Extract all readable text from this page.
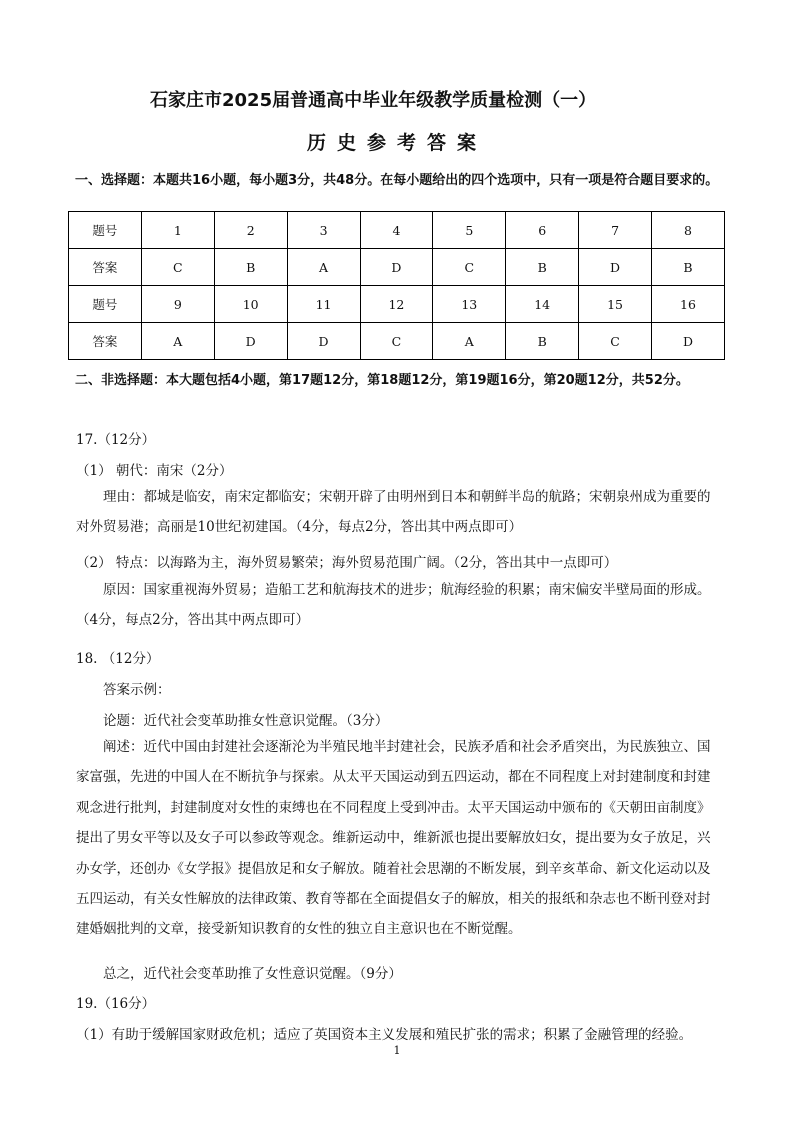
石家庄市2025届普通高中毕业年级教学质量检测（一）
历史参考答案
一、选择题：本题共16小题，每小题3分，共48分。在每小题给出的四个选项中，只有一项是符合题目要求的。
题号	1	2	3	4	5	6	7	8
答案	C	B	A	D	C	B	D	B
题号	9	10	11	12	13	14	15	16
答案	A	D	D	C	A	B	C	D
二、非选择题：本大题包括4小题，第17题12分，第18题12分，第19题16分，第20题12分，共52分。
17.（12分）
（1） 朝代：南宋（2分）
理由：都城是临安，南宋定都临安；宋朝开辟了由明州到日本和朝鲜半岛的航路；宋朝泉州成为重要的对外贸易港；高丽是10世纪初建国。（4分，每点2分，答出其中两点即可）
（2） 特点：以海路为主，海外贸易繁荣；海外贸易范围广阔。（2分，答出其中一点即可）
原因：国家重视海外贸易；造船工艺和航海技术的进步；航海经验的积累；南宋偏安半壁局面的形成。（4分，每点2分，答出其中两点即可）
18. （12分）
答案示例：
论题：近代社会变革助推女性意识觉醒。（3分）
阐述：近代中国由封建社会逐渐沦为半殖民地半封建社会，民族矛盾和社会矛盾突出，为民族独立、国家富强，先进的中国人在不断抗争与探索。从太平天国运动到五四运动，都在不同程度上对封建制度和封建观念进行批判，封建制度对女性的束缚也在不同程度上受到冲击。太平天国运动中颁布的《天朝田亩制度》提出了男女平等以及女子可以参政等观念。维新运动中，维新派也提出要解放妇女，提出要为女子放足，兴办女学，还创办《女学报》提倡放足和女子解放。随着社会思潮的不断发展，到辛亥革命、新文化运动以及五四运动，有关女性解放的法律政策、教育等都在全面提倡女子的解放，相关的报纸和杂志也不断刊登对封建婚姻批判的文章，接受新知识教育的女性的独立自主意识也在不断觉醒。
总之，近代社会变革助推了女性意识觉醒。（9分）
19.（16分）
（1）有助于缓解国家财政危机；适应了英国资本主义发展和殖民扩张的需求；积累了金融管理的经验。
1
